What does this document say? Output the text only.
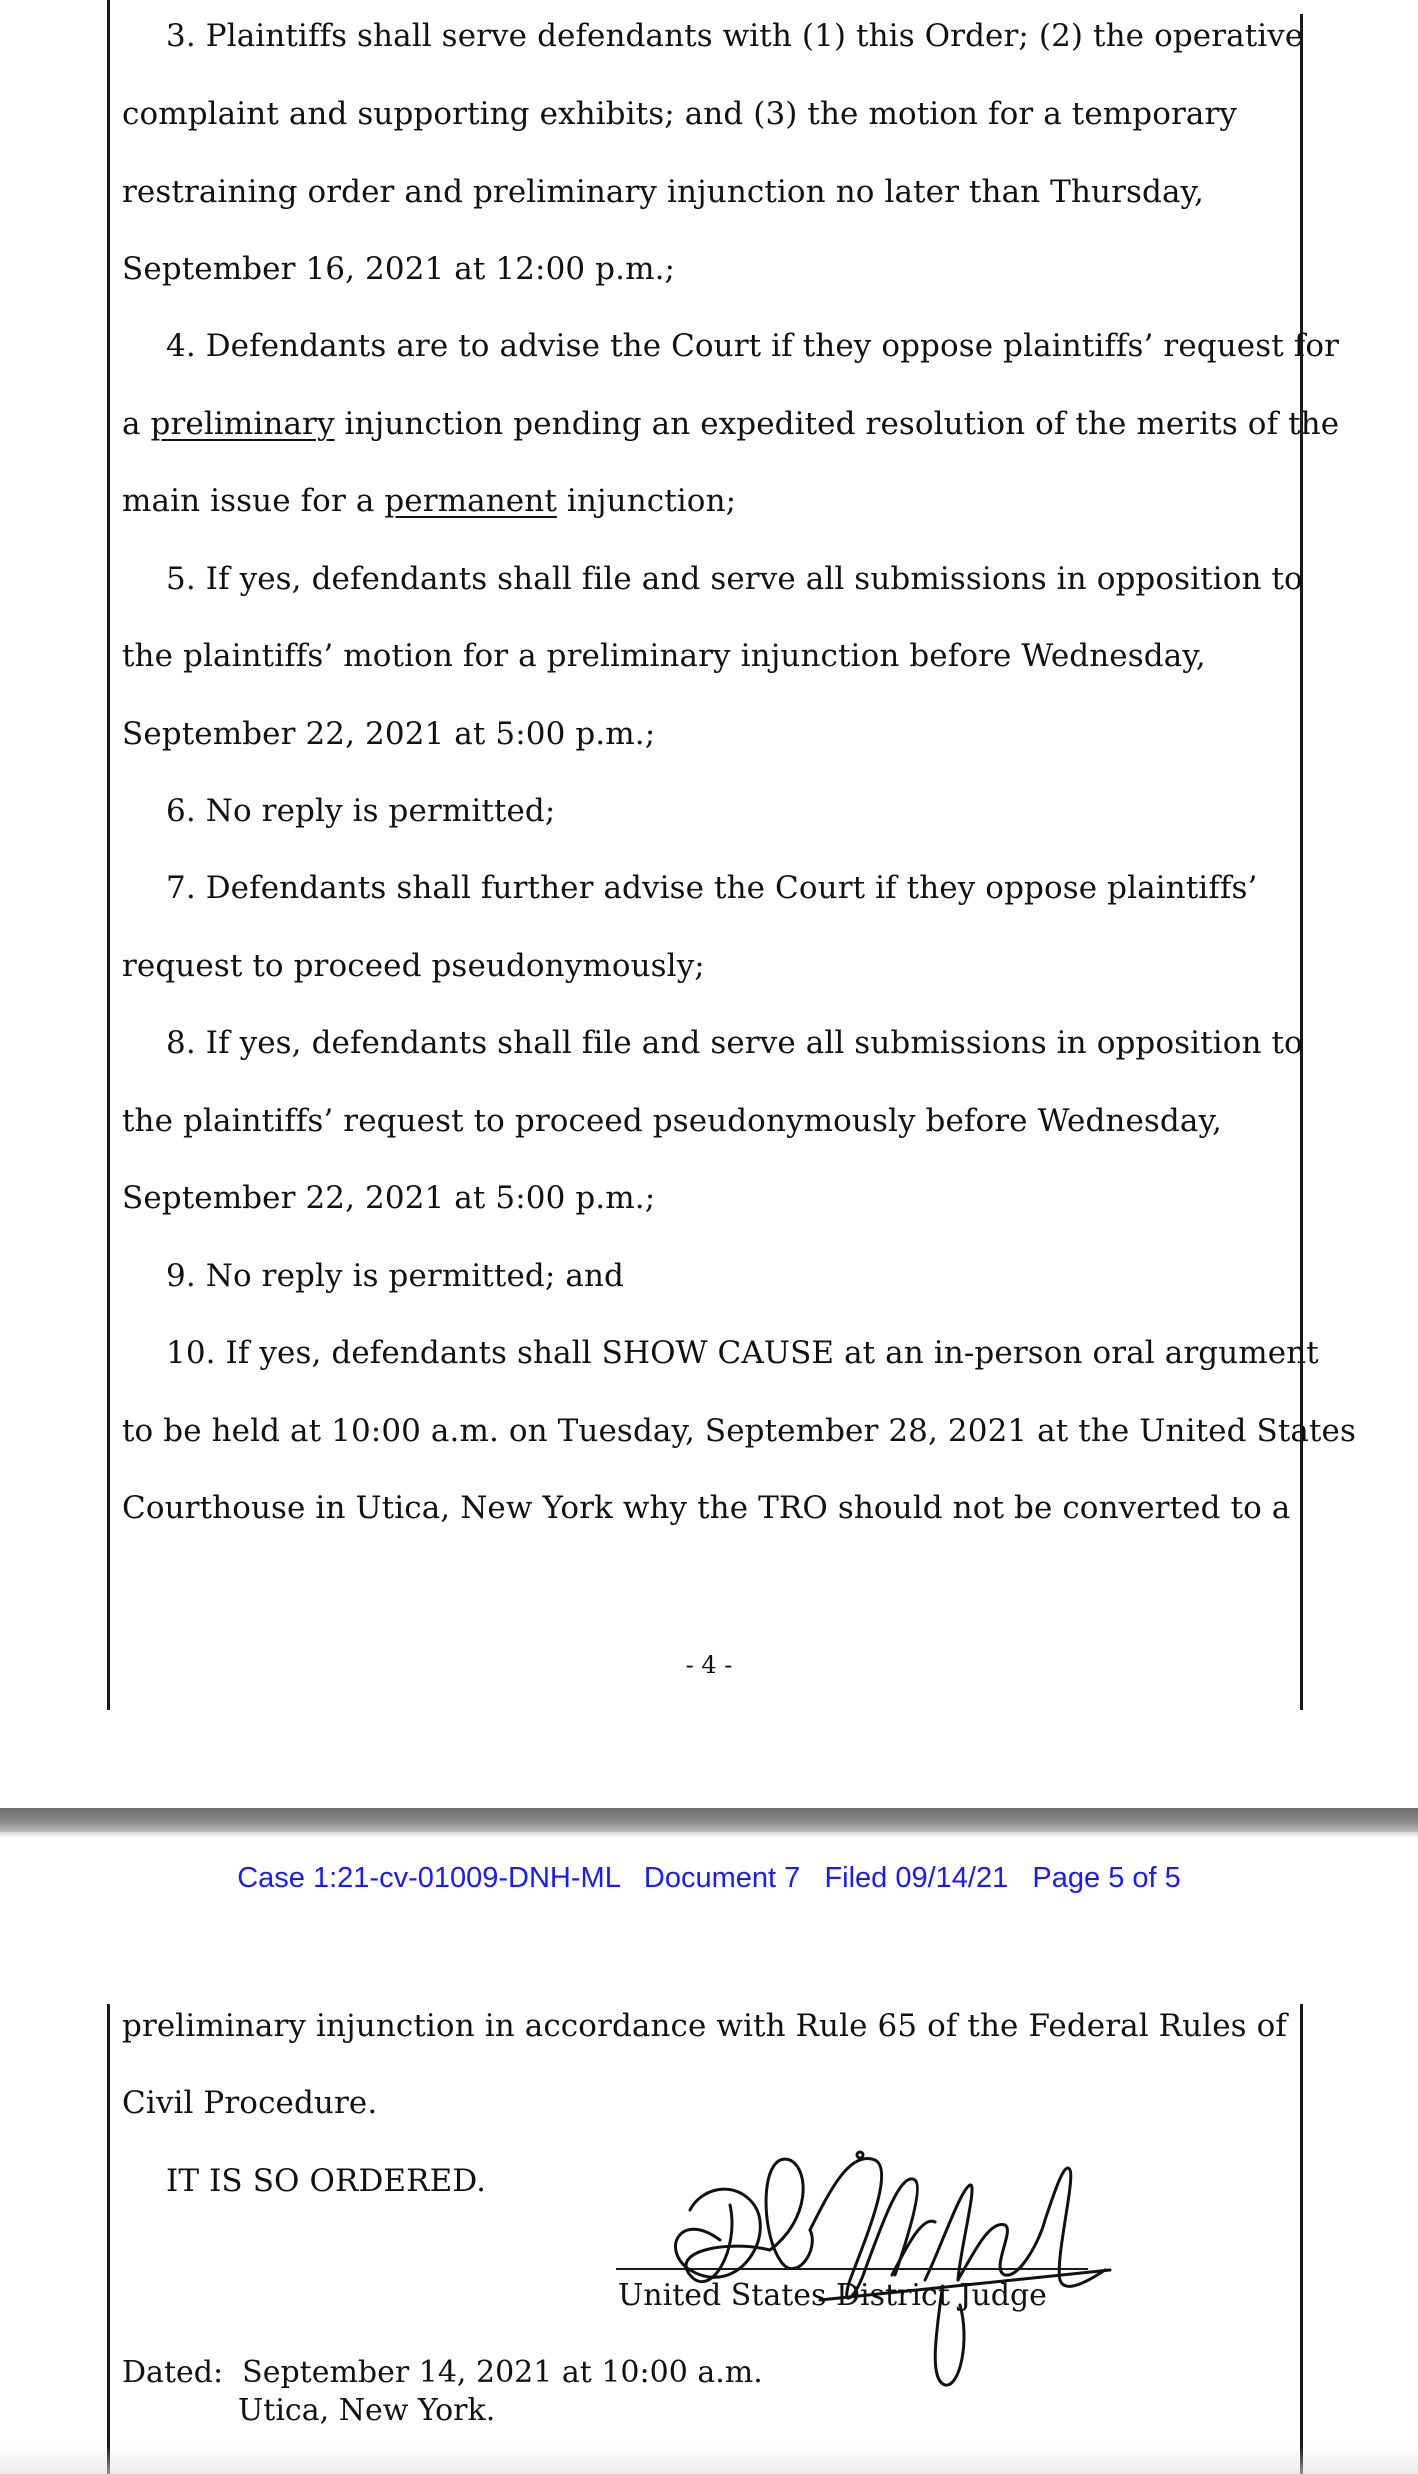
3. Plaintiffs shall serve defendants with (1) this Order; (2) the operative
complaint and supporting exhibits; and (3) the motion for a temporary
restraining order and preliminary injunction no later than Thursday,
September 16, 2021 at 12:00 p.m.;
4. Defendants are to advise the Court if they oppose plaintiffs’ request for
a preliminary injunction pending an expedited resolution of the merits of the
main issue for a permanent injunction;
5. If yes, defendants shall file and serve all submissions in opposition to
the plaintiffs’ motion for a preliminary injunction before Wednesday,
September 22, 2021 at 5:00 p.m.;
6. No reply is permitted;
7. Defendants shall further advise the Court if they oppose plaintiffs’
request to proceed pseudonymously;
8. If yes, defendants shall file and serve all submissions in opposition to
the plaintiffs’ request to proceed pseudonymously before Wednesday,
September 22, 2021 at 5:00 p.m.;
9. No reply is permitted; and
10. If yes, defendants shall SHOW CAUSE at an in-person oral argument
to be held at 10:00 a.m. on Tuesday, September 28, 2021 at the United States
Courthouse in Utica, New York why the TRO should not be converted to a
- 4 -
Case 1:21-cv-01009-DNH-ML   Document 7   Filed 09/14/21   Page 5 of 5
preliminary injunction in accordance with Rule 65 of the Federal Rules of
Civil Procedure.
IT IS SO ORDERED.
United States District Judge
Dated: September 14, 2021 at 10:00 a.m.
Utica, New York.
